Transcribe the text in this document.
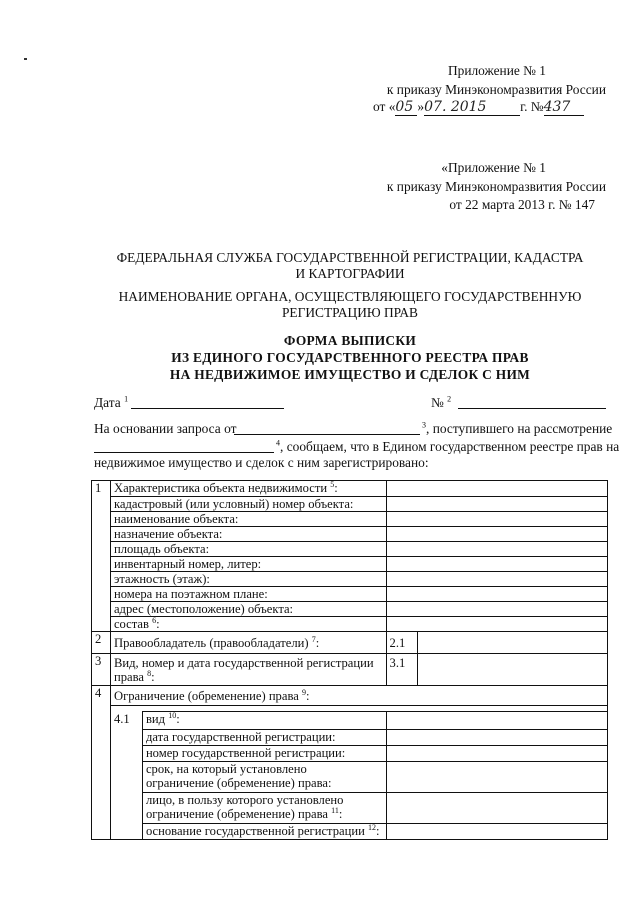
Приложение № 1
к приказу Минэкономразвития России
от «05 »07. 2015	г. №437
«Приложение № 1
к приказу Минэкономразвития России
от 22 марта 2013 г. № 147
ФЕДЕРАЛЬНАЯ СЛУЖБА ГОСУДАРСТВЕННОЙ РЕГИСТРАЦИИ, КАДАСТРА
И КАРТОГРАФИИ
НАИМЕНОВАНИЕ ОРГАНА, ОСУЩЕСТВЛЯЮЩЕГО ГОСУДАРСТВЕННУЮ
РЕГИСТРАЦИЮ ПРАВ
ФОРМА ВЫПИСКИ
ИЗ ЕДИНОГО ГОСУДАРСТВЕННОГО РЕЕСТРА ПРАВ
НА НЕДВИЖИМОЕ ИМУЩЕСТВО И СДЕЛОК С НИМ
Дата $^1$	№ $^2$
На основании запроса от	$^3$, поступившего на рассмотрение
$^4$, сообщаем, что в Едином государственном реестре прав на
недвижимое имущество и сделок с ним зарегистрировано:
1	Характеристика объекта недвижимости $^5$:			
	кадастровый (или условный) номер объекта:			
	наименование объекта:			
	назначение объекта:			
	площадь объекта:			
	инвентарный номер, литер:			
	этажность (этаж):			
	номера на поэтажном плане:			
	адрес (местоположение) объекта:			
	состав $^6$:			
2	Правообладатель (правообладатели) $^7$:		2.1	
3	Вид, номер и дата государственной регистрации
права $^8$:		3.1	
4	Ограничение (обременение) права $^9$:			

	4.1	вид $^{10}$:		
		дата государственной регистрации:		
		номер государственной регистрации:		
		срок, на который установлено
ограничение (обременение) права:		
		лицо, в пользу которого установлено
ограничение (обременение) права $^{11}$:		
		основание государственной регистрации $^{12}$:		
